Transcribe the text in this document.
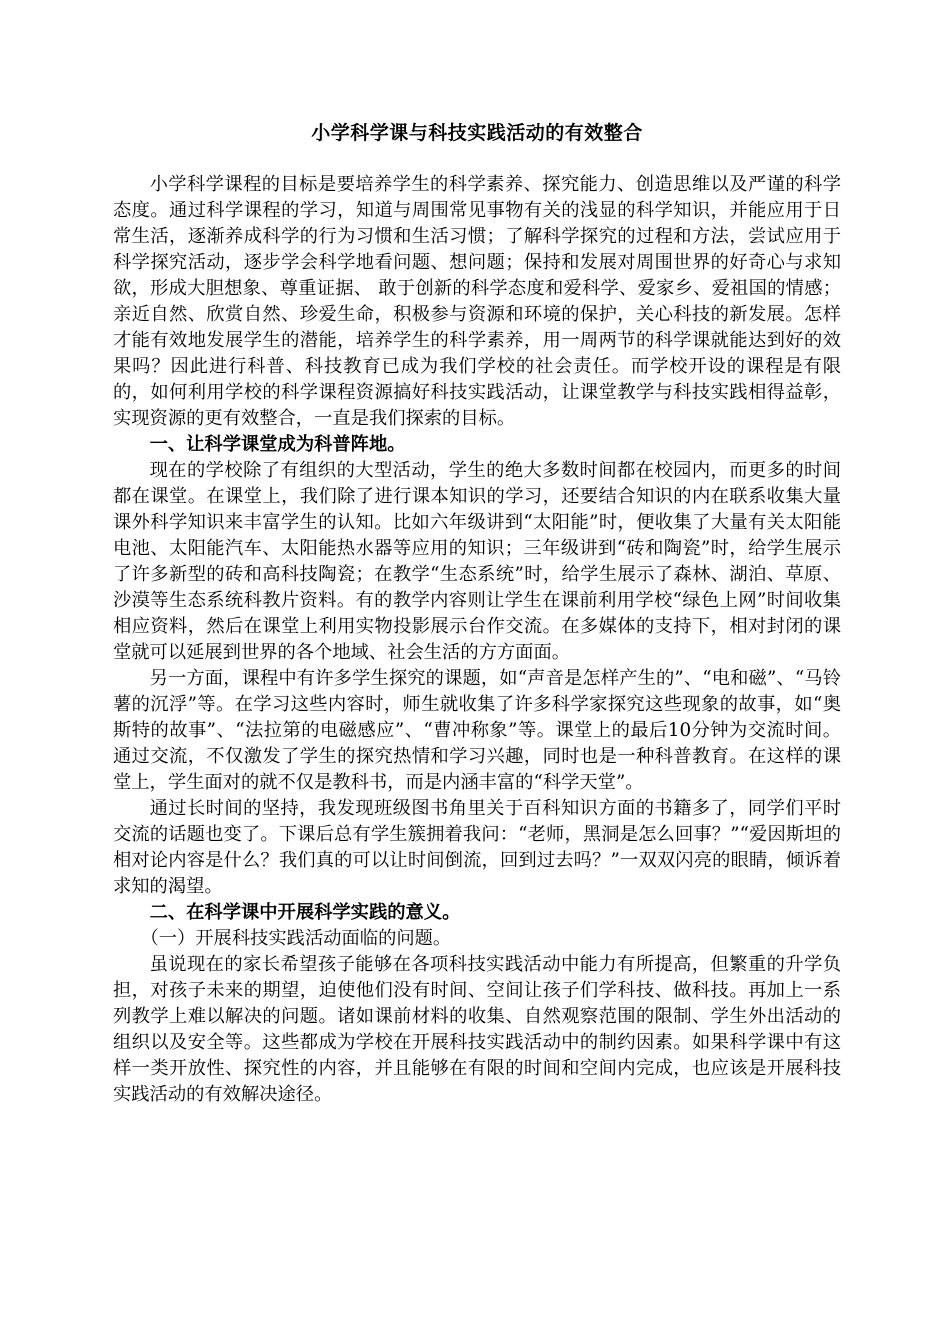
小学科学课与科技实践活动的有效整合

小学科学课程的目标是要培养学生的科学素养、探究能力、创造思维以及严谨的科学态度。通过科学课程的学习，知道与周围常见事物有关的浅显的科学知识，并能应用于日常生活，逐渐养成科学的行为习惯和生活习惯；了解科学探究的过程和方法，尝试应用于科学探究活动，逐步学会科学地看问题、想问题；保持和发展对周围世界的好奇心与求知欲，形成大胆想象、尊重证据、 敢于创新的科学态度和爱科学、爱家乡、爱祖国的情感；亲近自然、欣赏自然、珍爱生命，积极参与资源和环境的保护，关心科技的新发展。怎样才能有效地发展学生的潜能，培养学生的科学素养，用一周两节的科学课就能达到好的效果吗？因此进行科普、科技教育已成为我们学校的社会责任。而学校开设的课程是有限的，如何利用学校的科学课程资源搞好科技实践活动，让课堂教学与科技实践相得益彰，实现资源的更有效整合，一直是我们探索的目标。

一、让科学课堂成为科普阵地。

现在的学校除了有组织的大型活动，学生的绝大多数时间都在校园内，而更多的时间都在课堂。在课堂上，我们除了进行课本知识的学习，还要结合知识的内在联系收集大量课外科学知识来丰富学生的认知。比如六年级讲到“太阳能”时，便收集了大量有关太阳能电池、太阳能汽车、太阳能热水器等应用的知识；三年级讲到“砖和陶瓷”时，给学生展示了许多新型的砖和高科技陶瓷；在教学“生态系统”时，给学生展示了森林、湖泊、草原、沙漠等生态系统科教片资料。有的教学内容则让学生在课前利用学校“绿色上网”时间收集相应资料，然后在课堂上利用实物投影展示台作交流。在多媒体的支持下，相对封闭的课堂就可以延展到世界的各个地域、社会生活的方方面面。

另一方面，课程中有许多学生探究的课题，如“声音是怎样产生的”、“电和磁”、“马铃薯的沉浮”等。在学习这些内容时，师生就收集了许多科学家探究这些现象的故事，如“奥斯特的故事”、“法拉第的电磁感应”、“曹冲称象”等。课堂上的最后10分钟为交流时间。通过交流，不仅激发了学生的探究热情和学习兴趣，同时也是一种科普教育。在这样的课堂上，学生面对的就不仅是教科书，而是内涵丰富的“科学天堂”。

通过长时间的坚持，我发现班级图书角里关于百科知识方面的书籍多了，同学们平时交流的话题也变了。下课后总有学生簇拥着我问：“老师，黑洞是怎么回事？”“爱因斯坦的相对论内容是什么？我们真的可以让时间倒流，回到过去吗？”一双双闪亮的眼睛，倾诉着求知的渴望。

二、在科学课中开展科学实践的意义。

（一）开展科技实践活动面临的问题。

虽说现在的家长希望孩子能够在各项科技实践活动中能力有所提高，但繁重的升学负担，对孩子未来的期望，迫使他们没有时间、空间让孩子们学科技、做科技。再加上一系列教学上难以解决的问题。诸如课前材料的收集、自然观察范围的限制、学生外出活动的组织以及安全等。这些都成为学校在开展科技实践活动中的制约因素。如果科学课中有这样一类开放性、探究性的内容，并且能够在有限的时间和空间内完成，也应该是开展科技实践活动的有效解决途径。
